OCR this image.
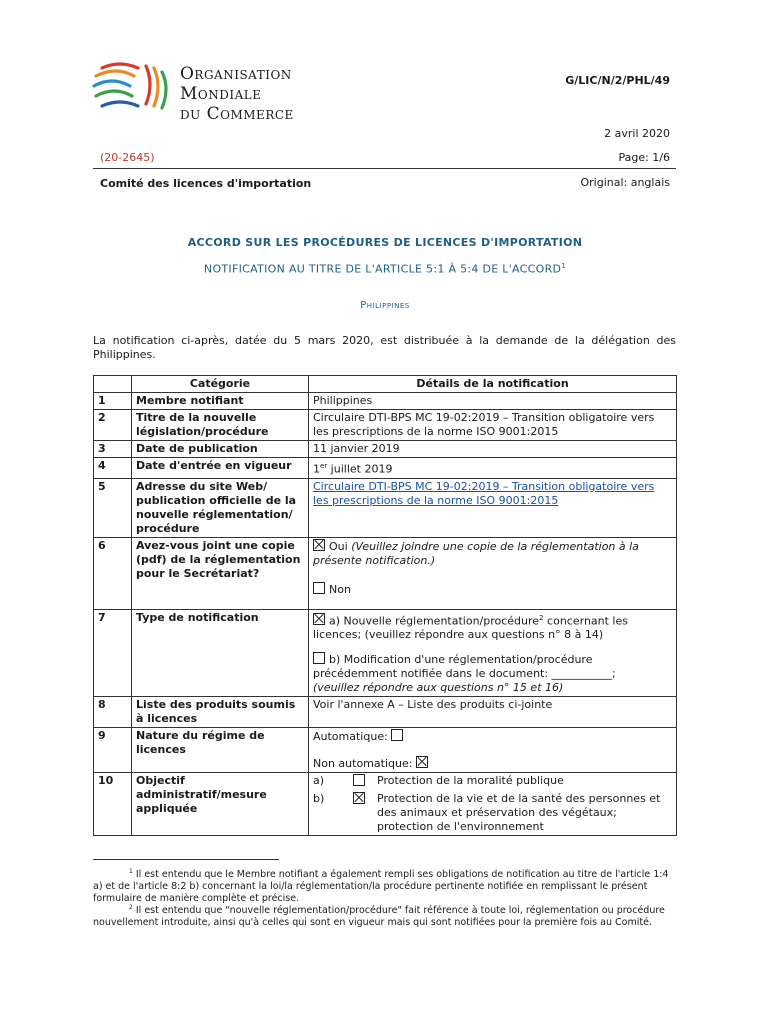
Organisation
Mondiale
du Commerce
G/LIC/N/2/PHL/49
2 avril 2020
(20-2645)	Page: 1/6
Comité des licences d'importation	Original: anglais
ACCORD SUR LES PROCÉDURES DE LICENCES D'IMPORTATION
NOTIFICATION AU TITRE DE L'ARTICLE 5:1 À 5:4 DE L'ACCORD$^1$
Philippines
La notification ci-après, datée du 5 mars 2020, est distribuée à la demande de la délégation des Philippines.
	Catégorie	Détails de la notification
1	Membre notifiant	Philippines
2	Titre de la nouvelle législation/procédure	Circulaire DTI-BPS MC 19-02:2019 – Transition obligatoire vers les prescriptions de la norme ISO 9001:2015
3	Date de publication	11 janvier 2019
4	Date d'entrée en vigueur	1er juillet 2019
5	Adresse du site Web/ publication officielle de la nouvelle réglementation/ procédure	Circulaire DTI-BPS MC 19-02:2019 – Transition obligatoire vers les prescriptions de la norme ISO 9001:2015
6	Avez-vous joint une copie (pdf) de la réglementation pour le Secrétariat?	Oui (Veuillez joindre une copie de la réglementation à la présente notification.)
Non

7	Type de notification	a) Nouvelle réglementation/procédure$^2$ concernant les licences; (veuillez répondre aux questions n° 8 à 14)
b) Modification d'une réglementation/procédure précédemment notifiée dans le document: ___________;
(veuillez répondre aux questions n° 15 et 16)

8	Liste des produits soumis à licences	Voir l'annexe A – Liste des produits ci-jointe
9	Nature du régime de licences	Automatique:
Non automatique:

10	Objectif administratif/mesure appliquée	a) Protection de la moralité publique
b) Protection de la vie et de la santé des personnes et des animaux et préservation des végétaux; protection de l'environnement
$^1$ Il est entendu que le Membre notifiant a également rempli ses obligations de notification au titre de l'article 1:4 a) et de l'article 8:2 b) concernant la loi/la réglementation/la procédure pertinente notifiée en remplissant le présent formulaire de manière complète et précise.
$^2$ Il est entendu que "nouvelle réglementation/procédure" fait référence à toute loi, réglementation ou procédure nouvellement introduite, ainsi qu'à celles qui sont en vigueur mais qui sont notifiées pour la première fois au Comité.
